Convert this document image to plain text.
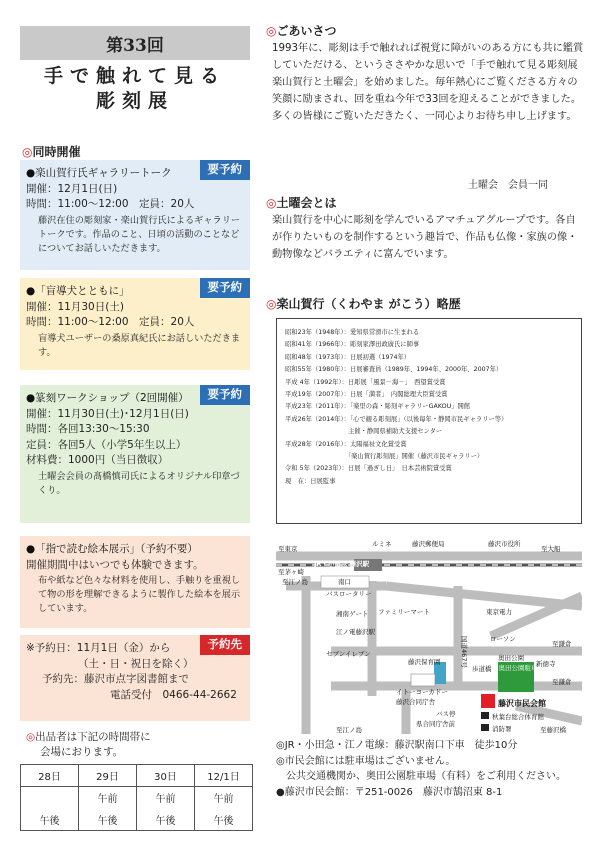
第33回
手で触れて見る
彫刻展
◎同時開催
要予約
●楽山賀行氏ギャラリートーク
開催：12月1日(日)
時間：11:00～12:00　定員：20人
藤沢在住の彫刻家・楽山賀行氏によるギャラリートークです。作品のこと、日頃の活動のことなどについてお話しいただきます。
要予約
●「盲導犬とともに」
開催：11月30日(土)
時間：11:00～12:00　定員：20人
盲導犬ユーザーの桑原真紀氏にお話しいただきます。
要予約
●篆刻ワークショップ（2回開催）
開催：11月30日(土)･12月1日(日)
時間：各回13:30～15:30
定員：各回5人（小学5年生以上）
材料費：1000円（当日徴収）
土曜会会員の髙橋慎司氏によるオリジナル印章づくり。
●「指で読む絵本展示」（予約不要）
開催期間中はいつでも体験できます。
布や紙など色々な材料を使用し、手触りを重視して物の形を理解できるように製作した絵本を展示しています。
予約先
※予約日：11月1日（金）から
（土・日・祝日を除く）
予約先：藤沢市点字図書館まで
電話受付　0466-44-2662
◎出品者は下記の時間帯に
会場におります。
28日	29日	30日	12/1日
	午前	午前	午前
午後	午後	午後	午後
◎ごあいさつ
1993年に、彫刻は手で触れれば視覚に障がいのある方にも共に鑑賞していただける、というささやかな思いで「手で触れて見る彫刻展　楽山賀行と土曜会」を始めました。毎年熱心にご覧くださる方々の笑顔に励まされ、回を重ね今年で33回を迎えることができました。多くの皆様にご覧いただきたく、一同心よりお待ち申し上げます。
土曜会　会員一同
◎土曜会とは
楽山賀行を中心に彫刻を学んでいるアマチュアグループです。各自が作りたいものを制作するという趣旨で、作品も仏像・家族の像・動物像などバラエティに富んでいます。
◎楽山賀行（くわやま がこう）略歴
昭和23年（1948年）：愛知県常滑市に生まれる
昭和41年（1966年）：彫刻家澤田政廣氏に師事
昭和48年（1973年）：日展初選（1974年）
昭和55年（1980年）：日展審査員（1989年、1994年、2000年、2007年）
平成 4年（1992年）：日彫展「風景－海－」　西望賞受賞
平成19年（2007年）：日展「満者」　内閣総理大臣賞受賞
平成23年（2011年）：「楽里の森・彫刻ギャラリーGAKOU」開館
平成26年（2014年）：「心で観る彫刻展」（以後毎年・静岡市民ギャラリー等）
　　　　　　　　　　主催・静岡県補助犬支援センター
平成28年（2016年）：太陽福祉文化賞受賞
　　　　　　　　　　「楽山賀行彫刻展」開催（藤沢市民ギャラリー）
令和 5年（2023年）：日展「過ぎし日」　日本芸術院賞受賞
現　在：日展監事
至東京	至大船
至茅ヶ崎
JR・小田急 藤沢駅
ルミネ	藤沢郵便局	藤沢市役所
至江ノ島	南口
バスロータリー
湘南ゲート
江ノ電藤沢駅
セブンイレブン
ファミリーマート	東京電力
国道467号	ローソン
至鎌倉
藤沢保育園
イトーヨーカドー
歩道橋
奥田公園
(奥田公園駐車場)
至鎌倉
新徳寺
藤沢合同庁舎
バス停
県合同庁舎前
藤沢市民会館
秋葉台総合体育館
消防署
至江ノ島	至藤沢橋
◎JR・小田急・江ノ電線：藤沢駅南口下車　徒歩10分
◎市民会館には駐車場はございません。
　公共交通機関か、奥田公園駐車場（有料）をご利用ください。
●藤沢市民会館：〒251-0026　藤沢市鵠沼東 8-1
